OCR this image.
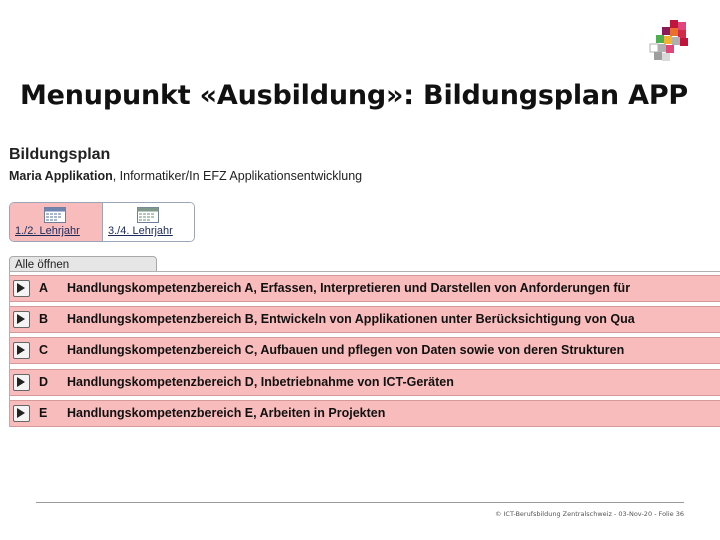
Menupunkt «Ausbildung»: Bildungsplan APP
Bildungsplan
Maria Applikation, Informatiker/In EFZ Applikationsentwicklung
1./2. Lehrjahr	3./4. Lehrjahr
Alle öffnen
A Handlungskompetenzbereich A, Erfassen, Interpretieren und Darstellen von Anforderungen für
B Handlungskompetenzbereich B, Entwickeln von Applikationen unter Berücksichtigung von Qua
C Handlungskompetenzbereich C, Aufbauen und pflegen von Daten sowie von deren Strukturen
D Handlungskompetenzbereich D, Inbetriebnahme von ICT-Geräten
E Handlungskompetenzbereich E, Arbeiten in Projekten
© ICT-Berufsbildung Zentralschweiz - 03-Nov-20 - Folie 36
